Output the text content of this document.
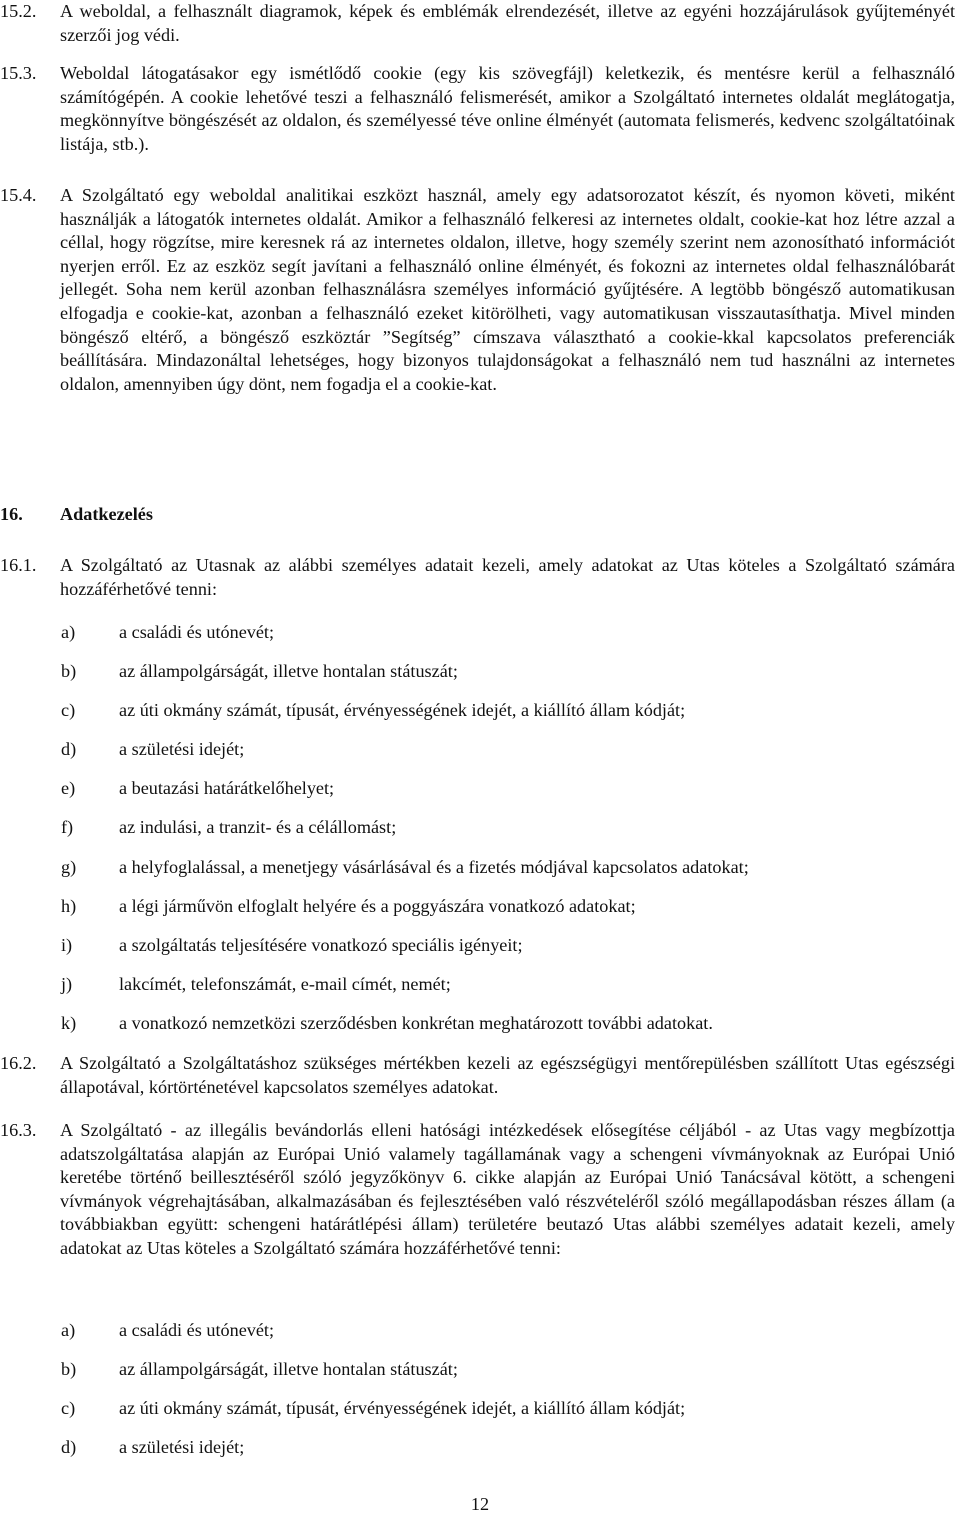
15.2. A weboldal, a felhasznált diagramok, képek és emblémák elrendezését, illetve az egyéni hozzájárulások gyűjteményét szerzői jog védi.
15.3. Weboldal látogatásakor egy ismétlődő cookie (egy kis szövegfájl) keletkezik, és mentésre kerül a felhasználó számítógépén. A cookie lehetővé teszi a felhasználó felismerését, amikor a Szolgáltató internetes oldalát meglátogatja, megkönnyítve böngészését az oldalon, és személyessé téve online élményét (automata felismerés, kedvenc szolgáltatóinak listája, stb.).
15.4. A Szolgáltató egy weboldal analitikai eszközt használ, amely egy adatsorozatot készít, és nyomon követi, miként használják a látogatók internetes oldalát. Amikor a felhasználó felkeresi az internetes oldalt, cookie-kat hoz létre azzal a céllal, hogy rögzítse, mire keresnek rá az internetes oldalon, illetve, hogy személy szerint nem azonosítható információt nyerjen erről. Ez az eszköz segít javítani a felhasználó online élményét, és fokozni az internetes oldal felhasználóbarát jellegét. Soha nem kerül azonban felhasználásra személyes információ gyűjtésére. A legtöbb böngésző automatikusan elfogadja e cookie-kat, azonban a felhasználó ezeket kitörölheti, vagy automatikusan visszautasíthatja. Mivel minden böngésző eltérő, a böngésző eszköztár ”Segítség” címszava választható a cookie-kkal kapcsolatos preferenciák beállítására. Mindazonáltal lehetséges, hogy bizonyos tulajdonságokat a felhasználó nem tud használni az internetes oldalon, amennyiben úgy dönt, nem fogadja el a cookie-kat.
16. Adatkezelés
16.1. A Szolgáltató az Utasnak az alábbi személyes adatait kezeli, amely adatokat az Utas köteles a Szolgáltató számára hozzáférhetővé tenni:
a) a családi és utónevét;
b) az állampolgárságát, illetve hontalan státuszát;
c) az úti okmány számát, típusát, érvényességének idejét, a kiállító állam kódját;
d) a születési idejét;
e) a beutazási határátkelőhelyet;
f)	az indulási, a tranzit- és a célállomást;
g) a helyfoglalással, a menetjegy vásárlásával és a fizetés módjával kapcsolatos adatokat;
h) a légi járművön elfoglalt helyére és a poggyászára vonatkozó adatokat;
i)	a szolgáltatás teljesítésére vonatkozó speciális igényeit;
j)	lakcímét, telefonszámát, e-mail címét, nemét;
k) a vonatkozó nemzetközi szerződésben konkrétan meghatározott további adatokat.
16.2. A Szolgáltató a Szolgáltatáshoz szükséges mértékben kezeli az egészségügyi mentőrepülésben szállított Utas egészségi állapotával, kórtörténetével kapcsolatos személyes adatokat.
16.3. A Szolgáltató - az illegális bevándorlás elleni hatósági intézkedések elősegítése céljából - az Utas vagy megbízottja adatszolgáltatása alapján az Európai Unió valamely tagállamának vagy a schengeni vívmányoknak az Európai Unió keretébe történő beillesztéséről szóló jegyzőkönyv 6. cikke alapján az Európai Unió Tanácsával kötött, a schengeni vívmányok végrehajtásában, alkalmazásában és fejlesztésében való részvételéről szóló megállapodásban részes állam (a továbbiakban együtt: schengeni határátlépési állam) területére beutazó Utas alábbi személyes adatait kezeli, amely adatokat az Utas köteles a Szolgáltató számára hozzáférhetővé tenni:
a) a családi és utónevét;
b) az állampolgárságát, illetve hontalan státuszát;
c) az úti okmány számát, típusát, érvényességének idejét, a kiállító állam kódját;
d) a születési idejét;
12
